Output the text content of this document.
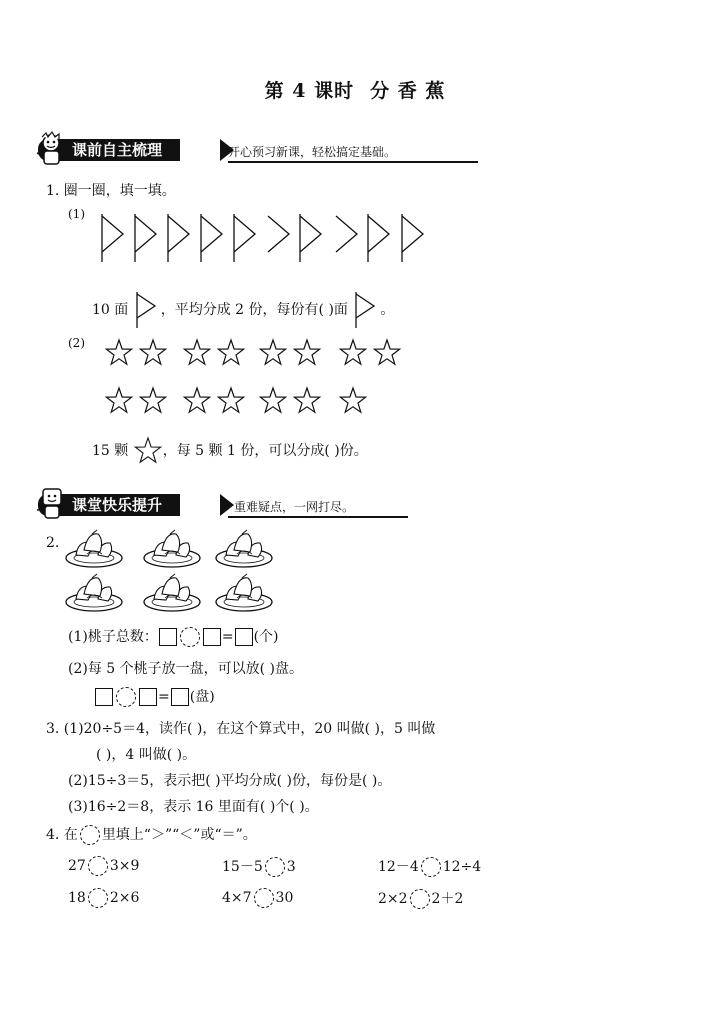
第 4 课时 分 香 蕉
课前自主梳理	开心预习新课，轻松搞定基础。
1. 圈一圈，填一填。
(1)
10 面 ，平均分成 2 份，每份有( )面 。
(2)
15 颗 ，每 5 颗 1 份，可以分成( )份。
课堂快乐提升	重难疑点，一网打尽。
2.
(1)桃子总数：	= (个)
(2)每 5 个桃子放一盘，可以放( )盘。
= (盘)
3. (1)20÷5＝4，读作( )，在这个算式中，20 叫做( )，5 叫做
( )，4 叫做( )。
(2)15÷3＝5，表示把( )平均分成( )份，每份是( )。
(3)16÷2＝8，表示 16 里面有( )个( )。
4. 在 里填上“＞”“＜”或“＝”。
27 3×9	15－5 3	12－4 12÷4
18 2×6	4×7 30	2×2 2＋2
